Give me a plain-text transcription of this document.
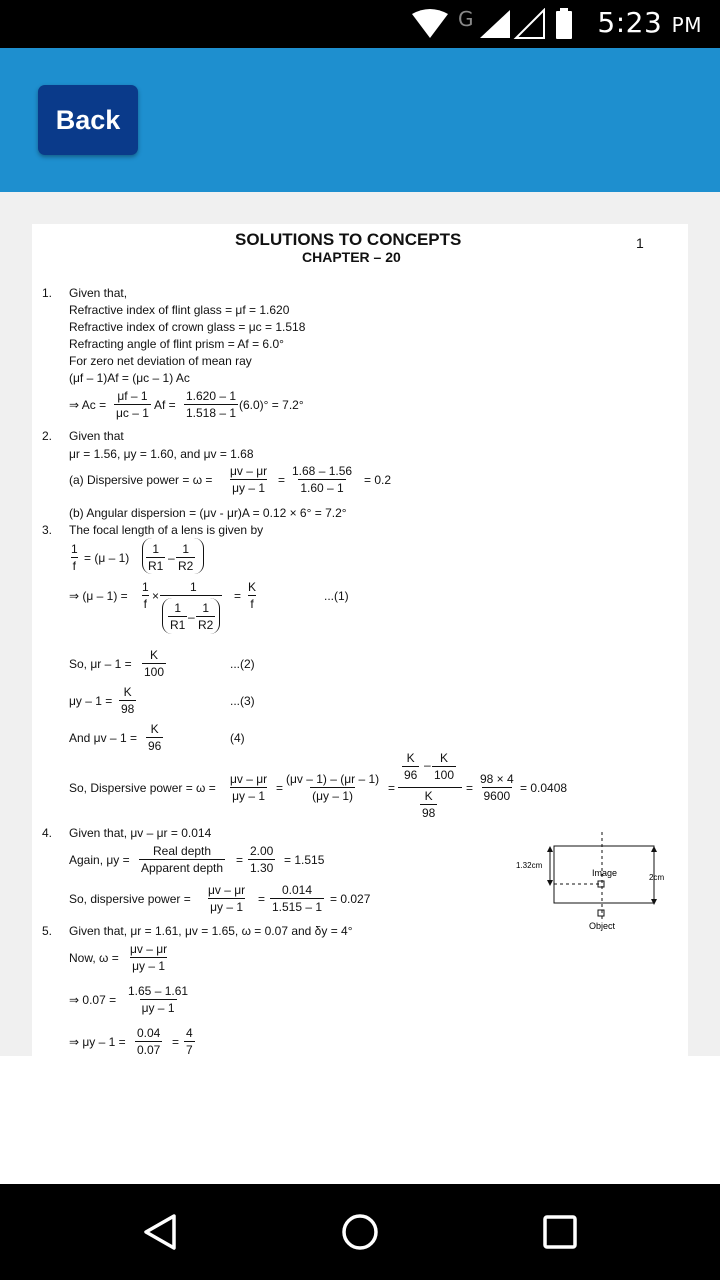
G	5:23 PM
Back
SOLUTIONS TO CONCEPTS
CHAPTER – 20
1
1. Given that,
Refractive index of flint glass = μf = 1.620
Refractive index of crown glass = μc = 1.518
Refracting angle of flint prism = Af = 6.0°
For zero net deviation of mean ray
(μf – 1)Af = (μc – 1) Ac
⇒ $Ac = \frac{\mu f - 1}{\mu c - 1}$ $Af = \frac{1.620 - 1}{1.518 - 1} (6.0)^\circ = 7.2^\circ$
2. Given that
μr = 1.56, μy = 1.60, and μv = 1.68
(a) Dispersive power = $\omega = \frac{\mu v - \mu r}{\mu y - 1} = \frac{1.68 - 1.56}{1.60 - 1} = 0.2$
(b) Angular dispersion = (μv - μr)A = 0.12 × 6° = 7.2°
3. The focal length of a lens is given by
$\frac{1}{f} = (\mu - 1) \frac{1}{R1} - \frac{1}{R2}$
⇒ $(\mu - 1) = \frac{1}{f}$ ×
1
$\frac{1}{R1} - \frac{1}{R2}$
= $\frac{K}{f}$	...(1)
So, $\mu r - 1 = \frac{K}{100}$	...(2)
$\mu y - 1 = \frac{K}{98}$	...(3)
And $\mu v - 1 = \frac{K}{96}$	(4)
So, Dispersive power = $\omega = \frac{\mu v - \mu r}{\mu y - 1} = \frac{(\mu v - 1) - (\mu r - 1)}{(\mu y - 1)}$ =
$\frac{K}{96} - \frac{K}{100}$
$\frac{K}{98}$
= $\frac{98 \times 4}{9600} = 0.0408$
4. Given that, μv – μr = 0.014
Again, μy =
Real depth
Apparent depth
= $\frac{2.00}{1.30} = 1.515$
So, dispersive power = $\frac{\mu v - \mu r}{\mu y - 1} = \frac{0.014}{1.515 - 1} = 0.027$
1.32cm
2cm
Image
Object
5. Given that, μr = 1.61, μv = 1.65, ω = 0.07 and δy = 4°
Now, $\omega = \frac{\mu v - \mu r}{\mu y - 1}$
⇒ $0.07 = \frac{1.65 - 1.61}{\mu y - 1}$
⇒ $\mu y - 1 = \frac{0.04}{0.07} = \frac{4}{7}$
